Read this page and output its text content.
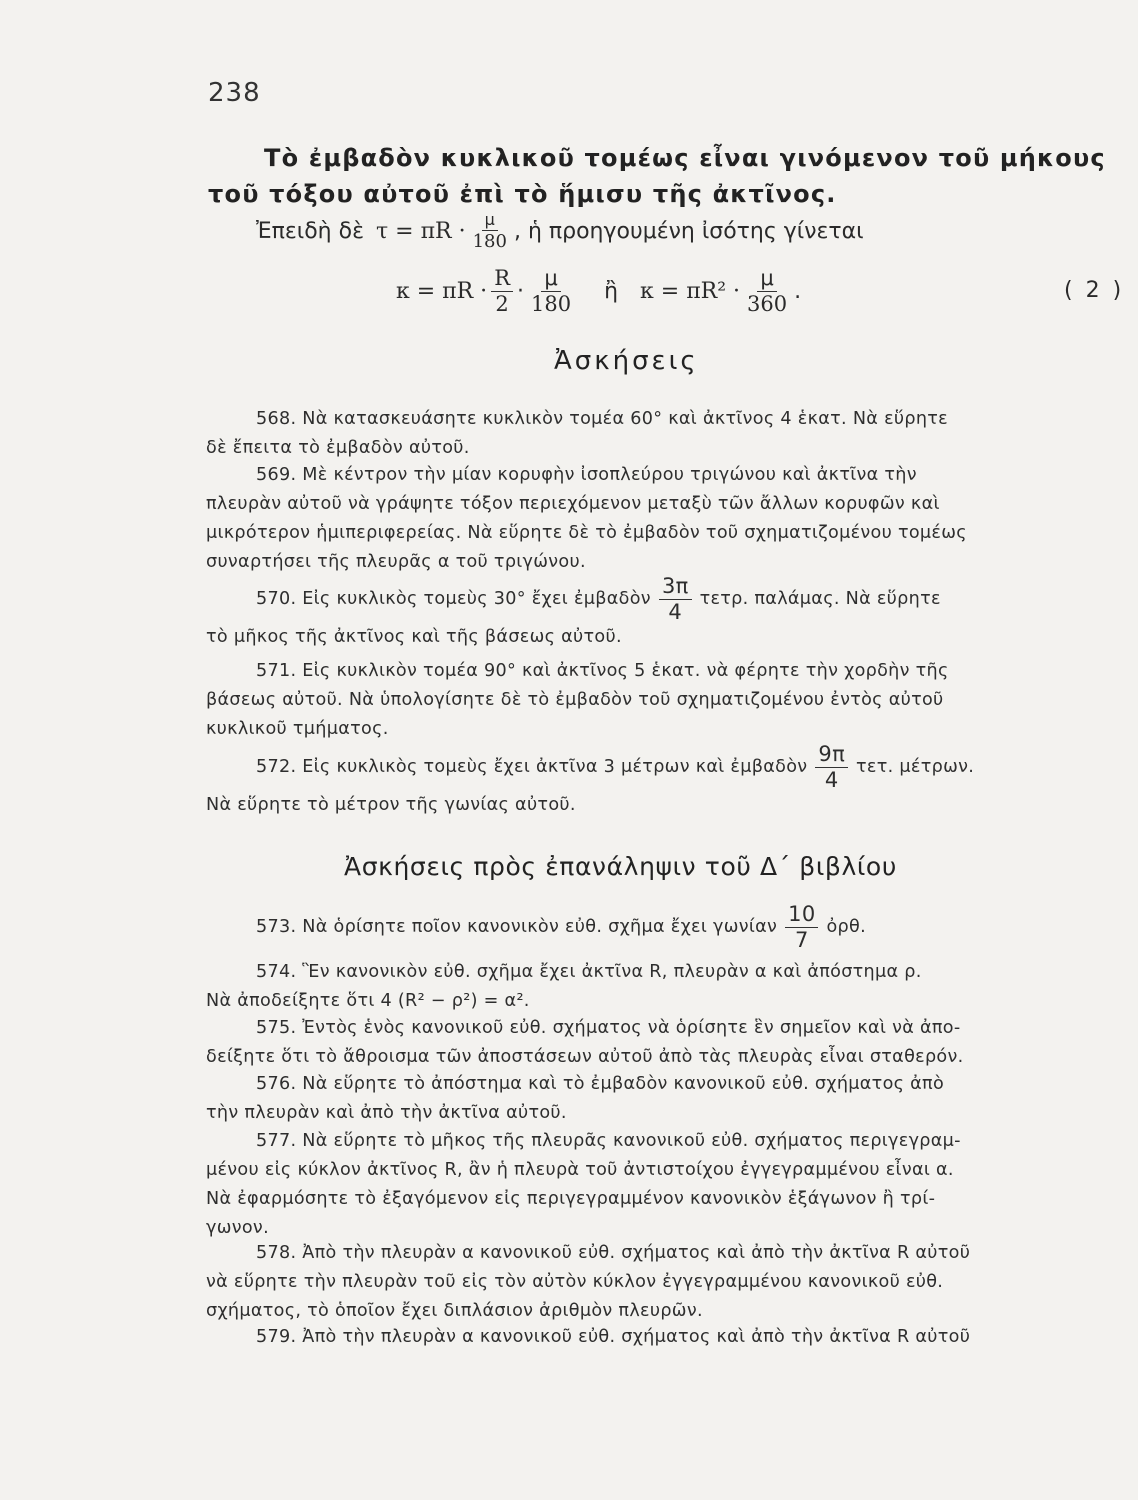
238
Τὸ ἐμβαδὸν κυκλικοῦ τομέως εἶναι γινόμενον τοῦ μήκους
τοῦ τόξου αὐτοῦ ἐπὶ τὸ ἥμισυ τῆς ἀκτῖνος.
Ἐπειδὴ δὲ $\tau = \pi R \cdot \frac{\mu}{180}$ , ἡ προηγουμένη ἰσότης γίνεται
$\kappa = \pi R \cdot \frac{R}{2} \cdot \frac{\mu}{180}$ ἢ $\kappa = \pi R^2 \cdot \frac{\mu}{360}$ .	( 2 )
Ἀσκήσεις
568. Νὰ κατασκευάσητε κυκλικὸν τομέα 60° καὶ ἀκτῖνος 4 ἑκατ. Νὰ εὕρητε
δὲ ἔπειτα τὸ ἐμβαδὸν αὐτοῦ.
569. Μὲ κέντρον τὴν μίαν κορυφὴν ἰσοπλεύρου τριγώνου καὶ ἀκτῖνα τὴν
πλευρὰν αὐτοῦ νὰ γράψητε τόξον περιεχόμενον μεταξὺ τῶν ἄλλων κορυφῶν καὶ
μικρότερον ἡμιπεριφερείας. Νὰ εὕρητε δὲ τὸ ἐμβαδὸν τοῦ σχηματιζομένου τομέως
συναρτήσει τῆς πλευρᾶς α τοῦ τριγώνου.
570. Εἰς κυκλικὸς τομεὺς 30° ἔχει ἐμβαδὸν $\frac{3\pi}{4} \tau\varepsilon\tau\rho$. παλάμας. Νὰ εὕρητε
τὸ μῆκος τῆς ἀκτῖνος καὶ τῆς βάσεως αὐτοῦ.
571. Εἰς κυκλικὸν τομέα 90° καὶ ἀκτῖνος 5 ἑκατ. νὰ φέρητε τὴν χορδὴν τῆς
βάσεως αὐτοῦ. Νὰ ὑπολογίσητε δὲ τὸ ἐμβαδὸν τοῦ σχηματιζομένου ἐντὸς αὐτοῦ
κυκλικοῦ τμήματος.
572. Εἰς κυκλικὸς τομεὺς ἔχει ἀκτῖνα 3 μέτρων καὶ ἐμβαδὸν $\frac{9\pi}{4} \tau\varepsilon\tau$. μέτρων.
Νὰ εὕρητε τὸ μέτρον τῆς γωνίας αὐτοῦ.
Ἀσκήσεις πρὸς ἐπανάληψιν τοῦ Δ´ βιβλίου
573. Νὰ ὁρίσητε ποῖον κανονικὸν εὐθ. σχῆμα ἔχει γωνίαν $\frac{10}{7}$ ὀρθ.
574. Ἓν κανονικὸν εὐθ. σχῆμα ἔχει ἀκτῖνα R, πλευρὰν α καὶ ἀπόστημα ρ.
Νὰ ἀποδείξητε ὅτι 4 (R² − ρ²) = α².
575. Ἐντὸς ἑνὸς κανονικοῦ εὐθ. σχήματος νὰ ὁρίσητε ἓν σημεῖον καὶ νὰ ἀπο-
δείξητε ὅτι τὸ ἄθροισμα τῶν ἀποστάσεων αὐτοῦ ἀπὸ τὰς πλευρὰς εἶναι σταθερόν.
576. Νὰ εὕρητε τὸ ἀπόστημα καὶ τὸ ἐμβαδὸν κανονικοῦ εὐθ. σχήματος ἀπὸ
τὴν πλευρὰν καὶ ἀπὸ τὴν ἀκτῖνα αὐτοῦ.
577. Νὰ εὕρητε τὸ μῆκος τῆς πλευρᾶς κανονικοῦ εὐθ. σχήματος περιγεγραμ-
μένου εἰς κύκλον ἀκτῖνος R, ἂν ἡ πλευρὰ τοῦ ἀντιστοίχου ἐγγεγραμμένου εἶναι α.
Νὰ ἐφαρμόσητε τὸ ἐξαγόμενον εἰς περιγεγραμμένον κανονικὸν ἑξάγωνον ἢ τρί-
γωνον.
578. Ἀπὸ τὴν πλευρὰν α κανονικοῦ εὐθ. σχήματος καὶ ἀπὸ τὴν ἀκτῖνα R αὐτοῦ
νὰ εὕρητε τὴν πλευρὰν τοῦ εἰς τὸν αὐτὸν κύκλον ἐγγεγραμμένου κανονικοῦ εὐθ.
σχήματος, τὸ ὁποῖον ἔχει διπλάσιον ἀριθμὸν πλευρῶν.
579. Ἀπὸ τὴν πλευρὰν α κανονικοῦ εὐθ. σχήματος καὶ ἀπὸ τὴν ἀκτῖνα R αὐτοῦ
